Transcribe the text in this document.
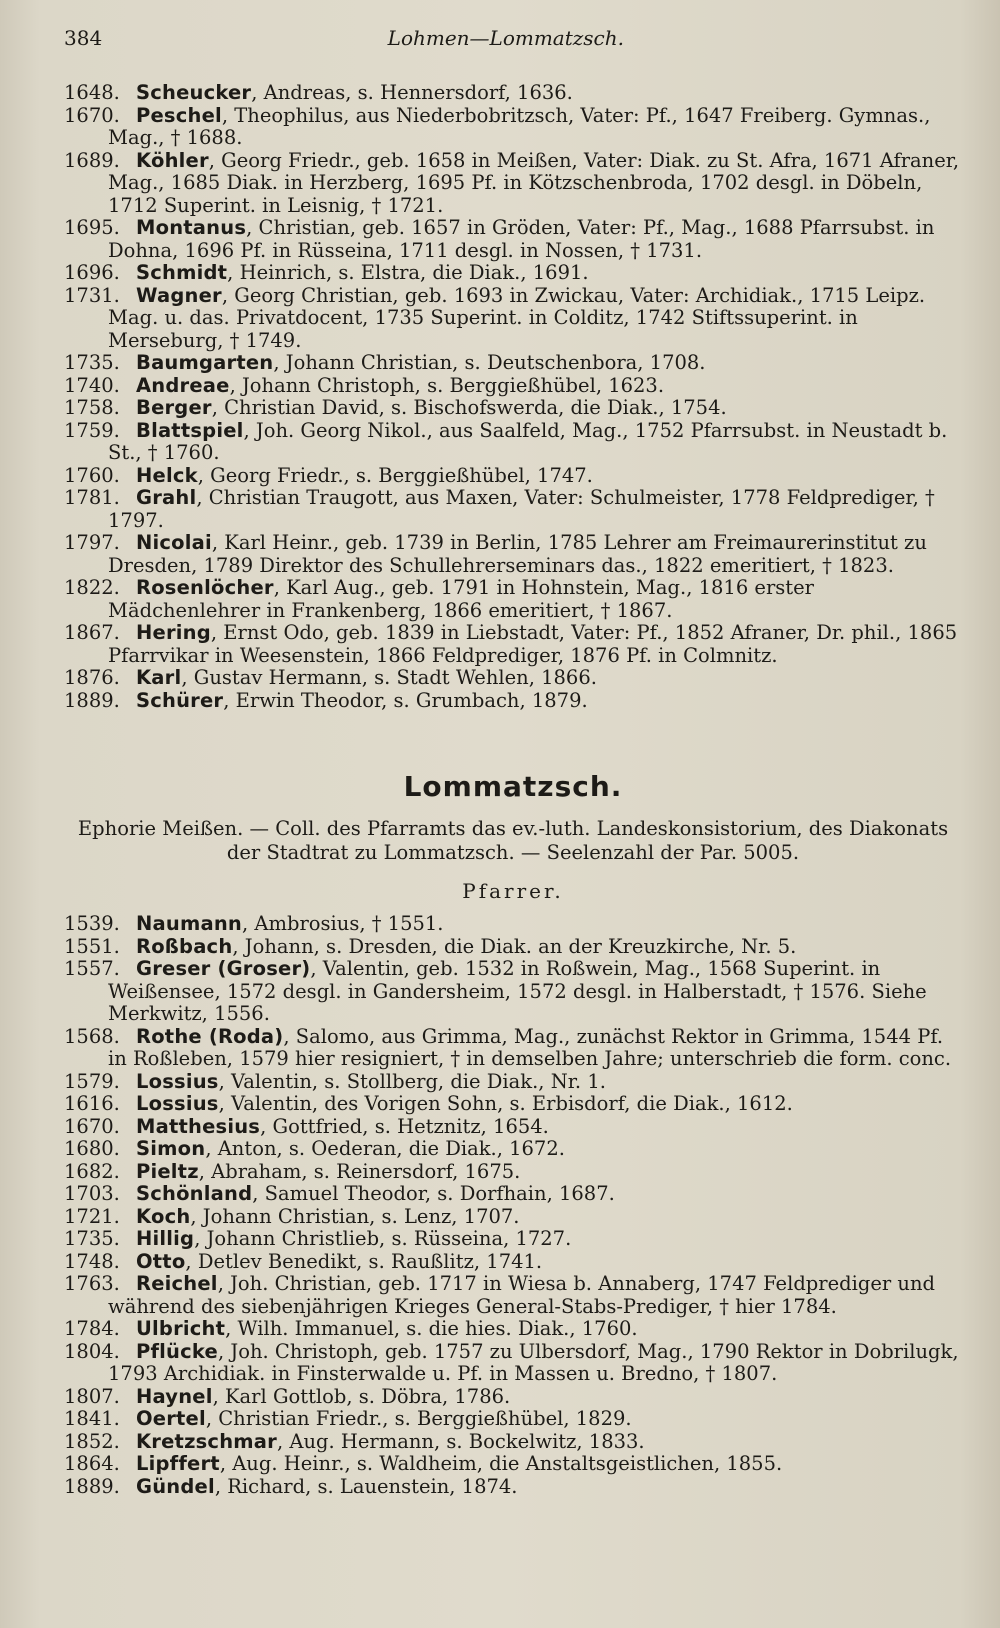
384	Lohmen—Lommatzsch.

1648. Scheucker, Andreas, s. Hennersdorf, 1636.

1670. Peschel, Theophilus, aus Niederbobritzsch, Vater: Pf., 1647 Freiberg. Gymnas., Mag., † 1688.

1689. Köhler, Georg Friedr., geb. 1658 in Meißen, Vater: Diak. zu St. Afra, 1671 Afraner, Mag., 1685 Diak. in Herzberg, 1695 Pf. in Kötzschenbroda, 1702 desgl. in Döbeln, 1712 Superint. in Leisnig, † 1721.

1695. Montanus, Christian, geb. 1657 in Gröden, Vater: Pf., Mag., 1688 Pfarrsubst. in Dohna, 1696 Pf. in Rüsseina, 1711 desgl. in Nossen, † 1731.

1696. Schmidt, Heinrich, s. Elstra, die Diak., 1691.

1731. Wagner, Georg Christian, geb. 1693 in Zwickau, Vater: Archidiak., 1715 Leipz. Mag. u. das. Privatdocent, 1735 Superint. in Colditz, 1742 Stiftssuperint. in Merseburg, † 1749.

1735. Baumgarten, Johann Christian, s. Deutschenbora, 1708.

1740. Andreae, Johann Christoph, s. Berggießhübel, 1623.

1758. Berger, Christian David, s. Bischofswerda, die Diak., 1754.

1759. Blattspiel, Joh. Georg Nikol., aus Saalfeld, Mag., 1752 Pfarrsubst. in Neustadt b. St., † 1760.

1760. Helck, Georg Friedr., s. Berggießhübel, 1747.

1781. Grahl, Christian Traugott, aus Maxen, Vater: Schulmeister, 1778 Feldprediger, † 1797.

1797. Nicolai, Karl Heinr., geb. 1739 in Berlin, 1785 Lehrer am Freimaurerinstitut zu Dresden, 1789 Direktor des Schullehrerseminars das., 1822 emeritiert, † 1823.

1822. Rosenlöcher, Karl Aug., geb. 1791 in Hohnstein, Mag., 1816 erster Mädchenlehrer in Frankenberg, 1866 emeritiert, † 1867.

1867. Hering, Ernst Odo, geb. 1839 in Liebstadt, Vater: Pf., 1852 Afraner, Dr. phil., 1865 Pfarrvikar in Weesenstein, 1866 Feldprediger, 1876 Pf. in Colmnitz.

1876. Karl, Gustav Hermann, s. Stadt Wehlen, 1866.

1889. Schürer, Erwin Theodor, s. Grumbach, 1879.

Lommatzsch.
Ephorie Meißen. — Coll. des Pfarramts das ev.-luth. Landeskonsistorium, des Diakonats
der Stadtrat zu Lommatzsch. — Seelenzahl der Par. 5005.
Pfarrer.

1539. Naumann, Ambrosius, † 1551.

1551. Roßbach, Johann, s. Dresden, die Diak. an der Kreuzkirche, Nr. 5.

1557. Greser (Groser), Valentin, geb. 1532 in Roßwein, Mag., 1568 Superint. in Weißensee, 1572 desgl. in Gandersheim, 1572 desgl. in Halberstadt, † 1576. Siehe Merkwitz, 1556.

1568. Rothe (Roda), Salomo, aus Grimma, Mag., zunächst Rektor in Grimma, 1544 Pf. in Roßleben, 1579 hier resigniert, † in demselben Jahre; unterschrieb die form. conc.

1579. Lossius, Valentin, s. Stollberg, die Diak., Nr. 1.

1616. Lossius, Valentin, des Vorigen Sohn, s. Erbisdorf, die Diak., 1612.

1670. Matthesius, Gottfried, s. Hetznitz, 1654.

1680. Simon, Anton, s. Oederan, die Diak., 1672.

1682. Pieltz, Abraham, s. Reinersdorf, 1675.

1703. Schönland, Samuel Theodor, s. Dorfhain, 1687.

1721. Koch, Johann Christian, s. Lenz, 1707.

1735. Hillig, Johann Christlieb, s. Rüsseina, 1727.

1748. Otto, Detlev Benedikt, s. Raußlitz, 1741.

1763. Reichel, Joh. Christian, geb. 1717 in Wiesa b. Annaberg, 1747 Feldprediger und während des siebenjährigen Krieges General-Stabs-Prediger, † hier 1784.

1784. Ulbricht, Wilh. Immanuel, s. die hies. Diak., 1760.

1804. Pflücke, Joh. Christoph, geb. 1757 zu Ulbersdorf, Mag., 1790 Rektor in Dobrilugk, 1793 Archidiak. in Finsterwalde u. Pf. in Massen u. Bredno, † 1807.

1807. Haynel, Karl Gottlob, s. Döbra, 1786.

1841. Oertel, Christian Friedr., s. Berggießhübel, 1829.

1852. Kretzschmar, Aug. Hermann, s. Bockelwitz, 1833.

1864. Lipffert, Aug. Heinr., s. Waldheim, die Anstaltsgeistlichen, 1855.

1889. Gündel, Richard, s. Lauenstein, 1874.
